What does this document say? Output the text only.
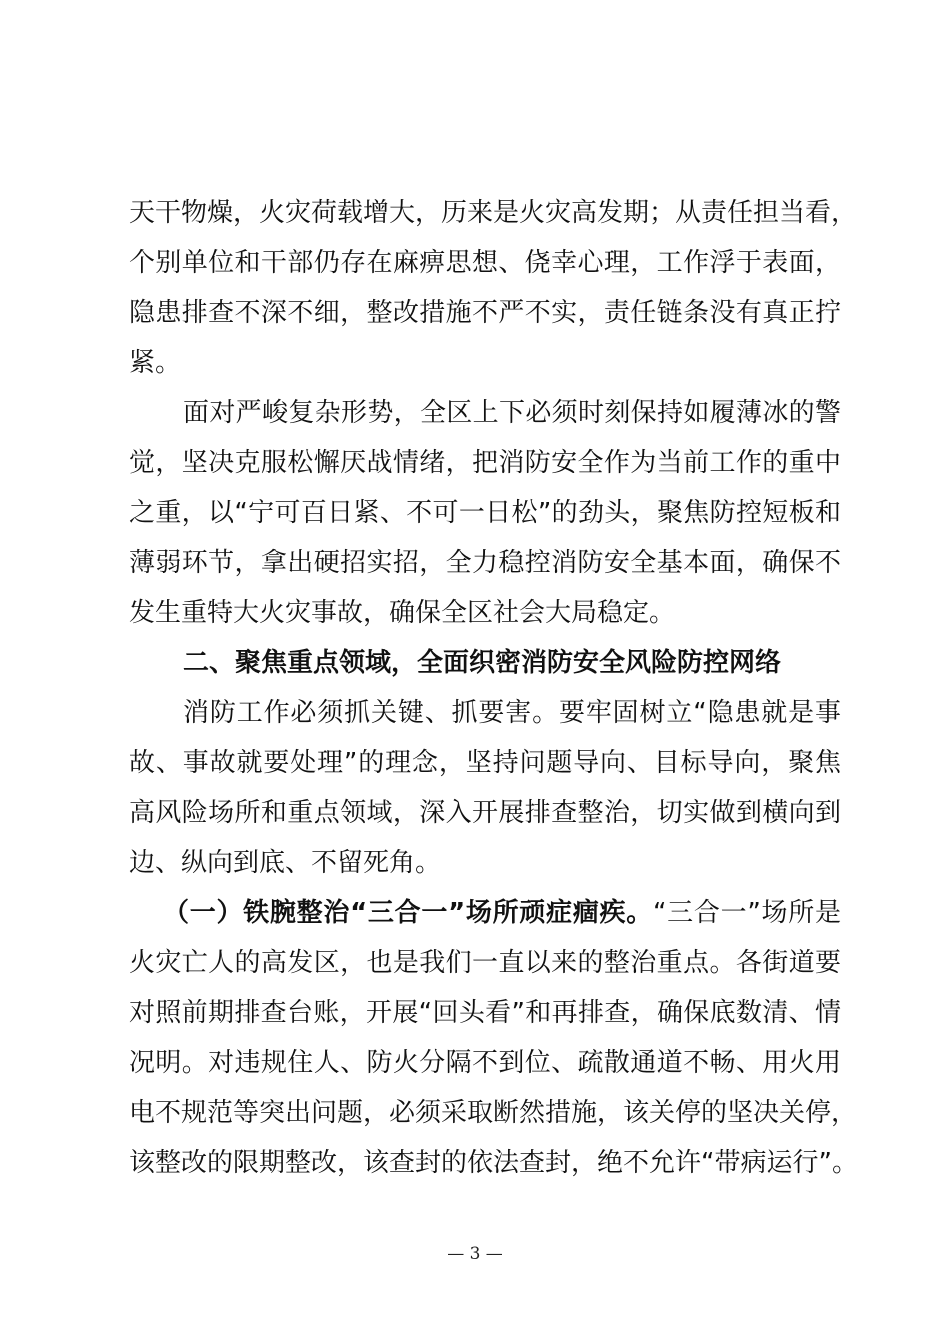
天干物燥，火灾荷载增大，历来是火灾高发期；从责任担当看，
个别单位和干部仍存在麻痹思想、侥幸心理，工作浮于表面，
隐患排查不深不细，整改措施不严不实，责任链条没有真正拧
紧。
面对严峻复杂形势，全区上下必须时刻保持如履薄冰的警
觉，坚决克服松懈厌战情绪，把消防安全作为当前工作的重中
之重，以“宁可百日紧、不可一日松”的劲头，聚焦防控短板和
薄弱环节，拿出硬招实招，全力稳控消防安全基本面，确保不
发生重特大火灾事故，确保全区社会大局稳定。
二、聚焦重点领域，全面织密消防安全风险防控网络
消防工作必须抓关键、抓要害。要牢固树立“隐患就是事
故、事故就要处理”的理念，坚持问题导向、目标导向，聚焦
高风险场所和重点领域，深入开展排查整治，切实做到横向到
边、纵向到底、不留死角。
（一）铁腕整治“三合一”场所顽症痼疾。“三合一”场所是
火灾亡人的高发区，也是我们一直以来的整治重点。各街道要
对照前期排查台账，开展“回头看”和再排查，确保底数清、情
况明。对违规住人、防火分隔不到位、疏散通道不畅、用火用
电不规范等突出问题，必须采取断然措施，该关停的坚决关停，
该整改的限期整改，该查封的依法查封，绝不允许“带病运行”。
— 3 —
